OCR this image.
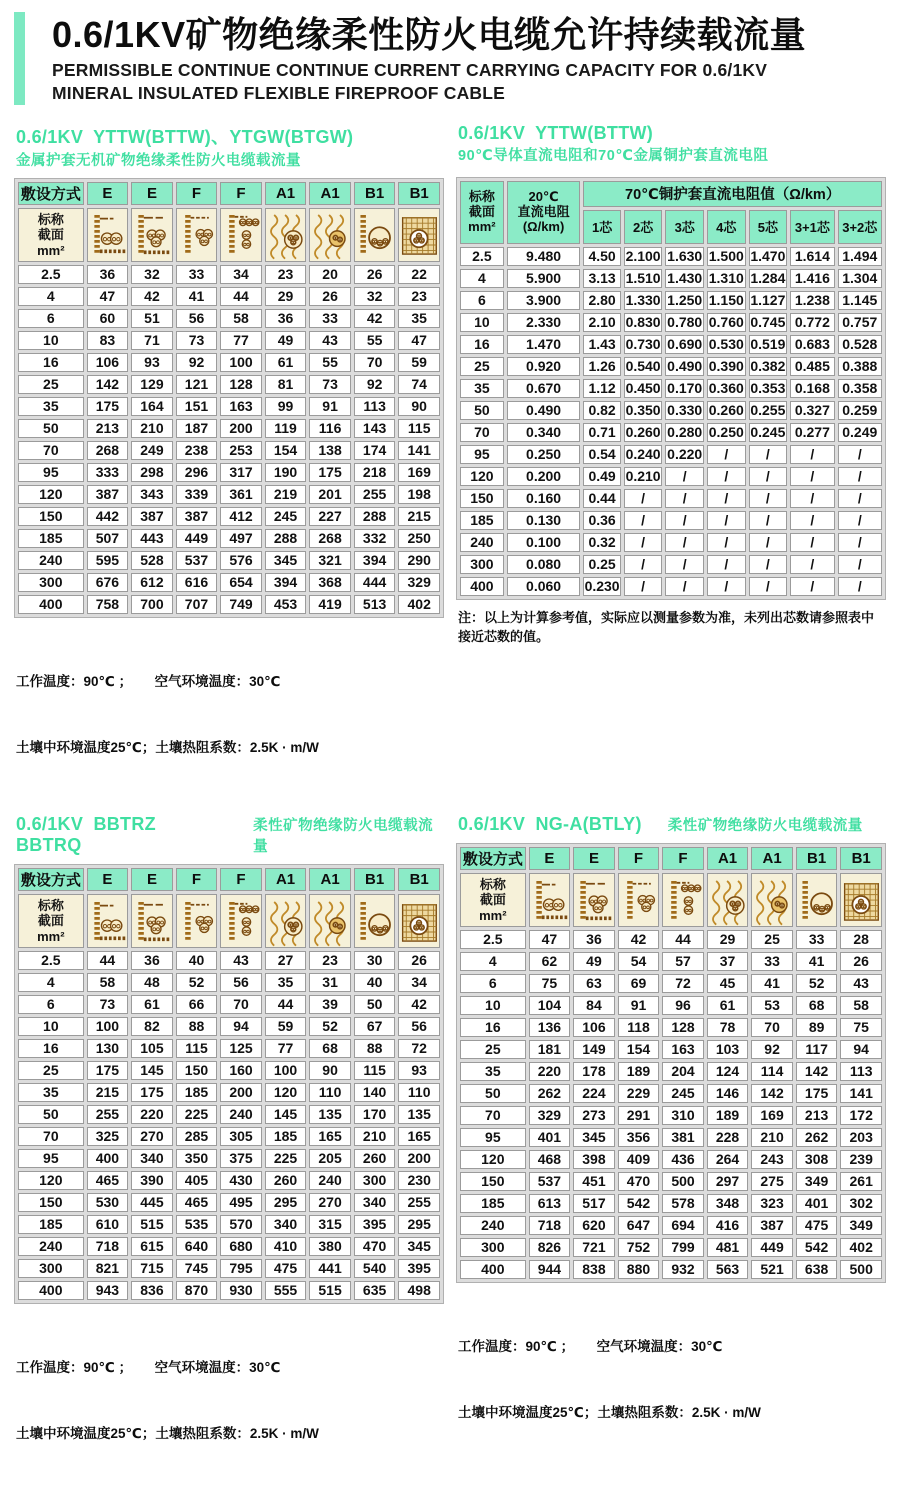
0.6/1KV矿物绝缘柔性防火电缆允许持续载流量
PERMISSIBLE CONTINUE CONTINUE CURRENT CARRYING CAPACITY FOR 0.6/1KV
MINERAL INSULATED FLEXIBLE FIREPROOF CABLE
0.6/1KV YTTW(BTTW)、YTGW(BTGW)
金属护套无机矿物绝缘柔性防火电缆载流量
敷设方式	E	E	F	F	A1	A1	B1	B1
标称
截面
mm²	

2.5	36	32	33	34	23	20	26	22
4	47	42	41	44	29	26	32	23
6	60	51	56	58	36	33	42	35
10	83	71	73	77	49	43	55	47
16	106	93	92	100	61	55	70	59
25	142	129	121	128	81	73	92	74
35	175	164	151	163	99	91	113	90
50	213	210	187	200	119	116	143	115
70	268	249	238	253	154	138	174	141
95	333	298	296	317	190	175	218	169
120	387	343	339	361	219	201	255	198
150	442	387	387	412	245	227	288	215
185	507	443	449	497	288	268	332	250
240	595	528	537	576	345	321	394	290
300	676	612	616	654	394	368	444	329
400	758	700	707	749	453	419	513	402

工作温度：90℃ ；      空气环境温度：30℃

土壤中环境温度25℃；土壤热阻系数：2.5K · m/W

0.6/1KV YTTW(BTTW)
90℃导体直流电阻和70℃金属铜护套直流电阻
标称
截面
mm²	20℃
直流电阻
(Ω/km)	70℃铜护套直流电阻值（Ω/km）						
		1芯	2芯	3芯	4芯	5芯	3+1芯	3+2芯
2.5	9.480	4.50	2.100	1.630	1.500	1.470	1.614	1.494
4	5.900	3.13	1.510	1.430	1.310	1.284	1.416	1.304
6	3.900	2.80	1.330	1.250	1.150	1.127	1.238	1.145
10	2.330	2.10	0.830	0.780	0.760	0.745	0.772	0.757
16	1.470	1.43	0.730	0.690	0.530	0.519	0.683	0.528
25	0.920	1.26	0.540	0.490	0.390	0.382	0.485	0.388
35	0.670	1.12	0.450	0.170	0.360	0.353	0.168	0.358
50	0.490	0.82	0.350	0.330	0.260	0.255	0.327	0.259
70	0.340	0.71	0.260	0.280	0.250	0.245	0.277	0.249
95	0.250	0.54	0.240	0.220	/	/	/	/
120	0.200	0.49	0.210	/	/	/	/	/
150	0.160	0.44	/	/	/	/	/	/
185	0.130	0.36	/	/	/	/	/	/
240	0.100	0.32	/	/	/	/	/	/
300	0.080	0.25	/	/	/	/	/	/
400	0.060	0.230	/	/	/	/	/	/
注：以上为计算参考值，实际应以测量参数为准，未列出芯数请参照表中接近芯数的值。
0.6/1KV BBTRZ BBTRQ
柔性矿物绝缘防火电缆载流量
敷设方式	E	E	F	F	A1	A1	B1	B1
标称
截面
mm²	

2.5	44	36	40	43	27	23	30	26
4	58	48	52	56	35	31	40	34
6	73	61	66	70	44	39	50	42
10	100	82	88	94	59	52	67	56
16	130	105	115	125	77	68	88	72
25	175	145	150	160	100	90	115	93
35	215	175	185	200	120	110	140	110
50	255	220	225	240	145	135	170	135
70	325	270	285	305	185	165	210	165
95	400	340	350	375	225	205	260	200
120	465	390	405	430	260	240	300	230
150	530	445	465	495	295	270	340	255
185	610	515	535	570	340	315	395	295
240	718	615	640	680	410	380	470	345
300	821	715	745	795	475	441	540	395
400	943	836	870	930	555	515	635	498

工作温度：90℃ ；      空气环境温度：30℃

土壤中环境温度25℃；土壤热阻系数：2.5K · m/W

0.6/1KV NG-A(BTLY) 柔性矿物绝缘防火电缆载流量
敷设方式	E	E	F	F	A1	A1	B1	B1
标称
截面
mm²	

2.5	47	36	42	44	29	25	33	28
4	62	49	54	57	37	33	41	26
6	75	63	69	72	45	41	52	43
10	104	84	91	96	61	53	68	58
16	136	106	118	128	78	70	89	75
25	181	149	154	163	103	92	117	94
35	220	178	189	204	124	114	142	113
50	262	224	229	245	146	142	175	141
70	329	273	291	310	189	169	213	172
95	401	345	356	381	228	210	262	203
120	468	398	409	436	264	243	308	239
150	537	451	470	500	297	275	349	261
185	613	517	542	578	348	323	401	302
240	718	620	647	694	416	387	475	349
300	826	721	752	799	481	449	542	402
400	944	838	880	932	563	521	638	500

工作温度：90℃ ；      空气环境温度：30℃

土壤中环境温度25℃；土壤热阻系数：2.5K · m/W
